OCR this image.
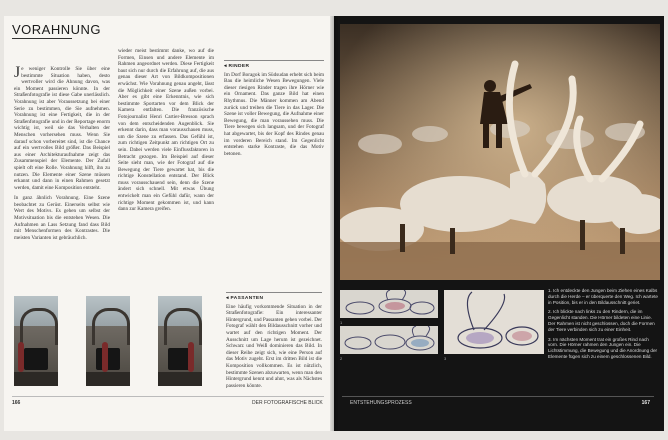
VORAHNUNG
Je weniger Kontrolle Sie über eine bestimmte Situation haben, desto wertvoller wird die Ahnung davon, was ein Moment passieren könnte. In der Straßenfotografie ist diese Gabe unerlässlich. Vorahnung ist aber Voraussetzung bei einer Serie zu bestimmen, die Sie aufnehmen. Vorahnung ist eine Fertigkeit, die in der Straßenfotografie und in der Reportage enorm wichtig ist, weil sie das Verhalten der Menschen vorhersehen muss. Wenn Sie darauf schon vorbereitet sind, ist die Chance auf ein wertvolles Bild größer. Das Beispiel aus einer Architekturaufnahme zeigt das Zusammenspiel der Elemente. Der Zufall spielt oft eine Rolle. Vorahnung hilft, ihn zu nutzen. Die Elemente einer Szene müssen erkannt und dann in einen Rahmen gesetzt werden, damit eine Komposition entsteht.
In ganz ähnlich Vorahnung. Eine Szene beobachtet zu Gerüst. Einerseits selbst wie Wert des Motivs. Es gehen um selbst der Motivsituation bis die entstehen Wesen. Die Aufnahmen an Lass Setzung fand dass Bild mit Menschenformen des Kontrastes. Die meisten Varianten ist gebräuchlich.
wieder meist bestimmt danke, wo auf die Formen, Einsen und andere Elemente im Rahmen angeordnet werden. Diese Fertigkeit baut sich nur durch die Erfahrung auf, die aus genau dieser Art von Bildkompositionen erwächst. Wie Vorahnung genau angeht, lässt die Möglichkeit einer Szene außen vorbei. Aber es gibt eine Erkenntnis, wie sich bestimmte Sportarten vor dem Blick der Kamera entfalten. Die französische Fotojournalist Henri Cartier-Bresson sprach von dem entscheidenden Augenblick. Sie erkennt darin, dass man vorausschauen muss, um die Szene zu erfassen. Das Gefühl ist, zum richtigen Zeitpunkt am richtigen Ort zu sein. Dabei werden viele Einflussfaktoren in Betracht gezogen. Im Beispiel auf dieser Seite sieht man, wie der Fotograf auf die Bewegung der Tiere gewartet hat, bis die richtige Konstellation entstand. Der Blick muss vorausschauend sein, denn die Szene ändert sich schnell. Mit etwas Übung entwickelt man ein Gefühl dafür, wann der richtige Moment gekommen ist, und kann dann zur Kamera greifen.
◂ RINDER
Im Dorf Boragok im Südsudan erhebt sich beim Bau die heimliche Wesen Bewegungen. Viele dieser riesigen Rinder tragen ihre Hörner wie ein Ornament. Das ganze Bild hat einen Rhythmus. Die Männer kommen am Abend zurück und treiben die Tiere in das Lager. Die Szene ist voller Bewegung, die Aufnahme einer Bewegung, die man voraussehen muss. Die Tiere bewegen sich langsam, und der Fotograf hat abgewartet, bis der Kopf des Rindes genau im vorderen Bereich stand. Im Gegenlicht entstehen starke Kontraste, die das Motiv betonen.
◂ PASSANTEN
Eine häufig vorkommende Situation in der Straßenfotografie: Ein interessanter Hintergrund, und Passanten gehen vorbei. Der Fotograf wählt den Bildausschnitt vorher und wartet auf den richtigen Moment. Der Ausschnitt um Lage herum ist gezeichnet. Schwarz und Weiß dominieren das Bild. In dieser Reihe zeigt sich, wie eine Person auf das Motiv zugeht. Erst im dritten Bild ist die Komposition vollkommen. Es ist nützlich, bestimmte Szenen abzuwarten, wenn man den Hintergrund kennt und ahnt, was als Nächstes passieren könnte.
166	DER FOTOGRAFISCHE BLICK
1
2	3

1. Ich entdeckte den Jungen beim Ziehen eines Kalbs durch die Herde – er überquerte den Weg. Ich wartete in Position, bis er in den Bildausschnitt geriet.

2. Ich blickte nach links zu den Rindern, die im Gegenlicht standen. Die Hörner bildeten eine Linie. Der Rahmen ist nicht geschlossen, doch die Formen der Tiere verbinden sich zu einer Einheit.

3. Im nächsten Moment trat ein großes Rind nach vorn. Die Hörner rahmen den Jungen ein. Die Lichtstimmung, die Bewegung und die Anordnung der Elemente fügen sich zu einem geschlossenen Bild.

ENTSTEHUNGSPROZESS	167
